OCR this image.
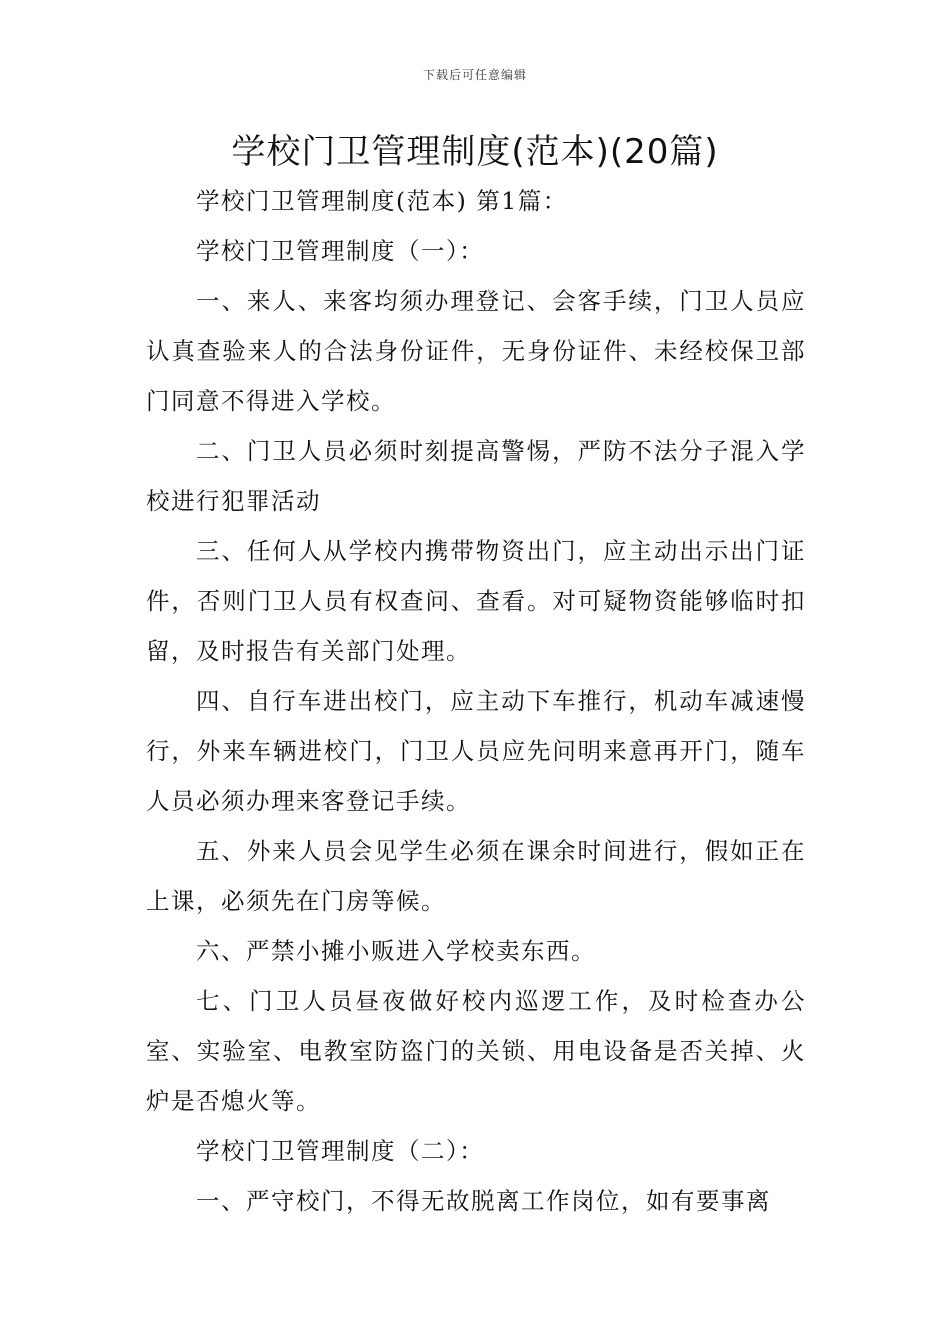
下载后可任意编辑
学校门卫管理制度(范本)(20篇)

学校门卫管理制度(范本) 第1篇：

学校门卫管理制度（一）：

一、来人、来客均须办理登记、会客手续，门卫人员应认真查验来人的合法身份证件，无身份证件、未经校保卫部门同意不得进入学校。

二、门卫人员必须时刻提高警惕，严防不法分子混入学校进行犯罪活动

三、任何人从学校内携带物资出门，应主动出示出门证件，否则门卫人员有权查问、查看。对可疑物资能够临时扣留，及时报告有关部门处理。

四、自行车进出校门，应主动下车推行，机动车减速慢行，外来车辆进校门，门卫人员应先问明来意再开门，随车人员必须办理来客登记手续。

五、外来人员会见学生必须在课余时间进行，假如正在上课，必须先在门房等候。

六、严禁小摊小贩进入学校卖东西。

七、门卫人员昼夜做好校内巡逻工作，及时检查办公室、实验室、电教室防盗门的关锁、用电设备是否关掉、火炉是否熄火等。

学校门卫管理制度（二）：

一、严守校门，不得无故脱离工作岗位，如有要事离
